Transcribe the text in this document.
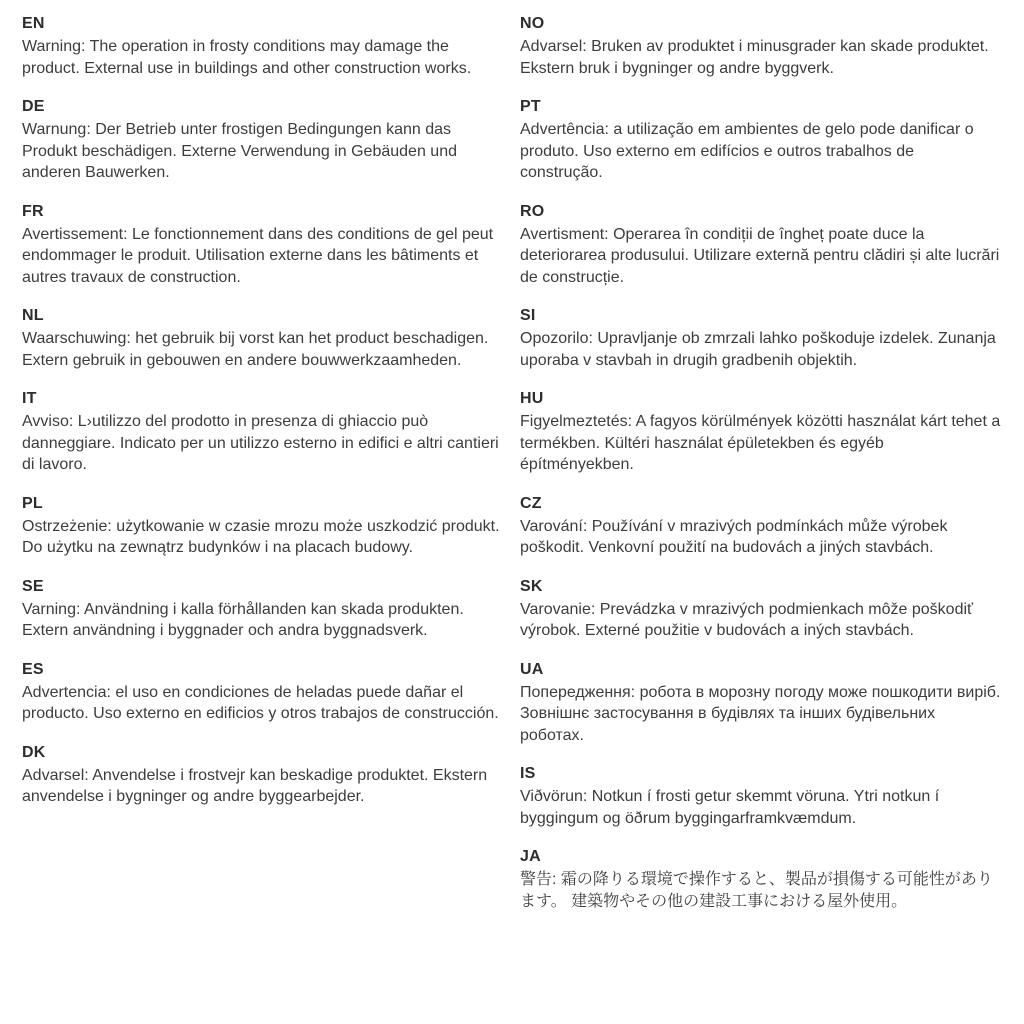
EN

Warning: The operation in frosty conditions may damage the product. External use in buildings and other construction works.

DE

Warnung: Der Betrieb unter frostigen Bedingungen kann das Produkt beschädigen. Externe Verwendung in Gebäuden und anderen Bauwerken.

FR

Avertissement: Le fonctionnement dans des conditions de gel peut endommager le produit. Utilisation externe dans les bâtiments et autres travaux de construction.

NL

Waarschuwing: het gebruik bij vorst kan het product beschadigen. Extern gebruik in gebouwen en andere bouwwerkzaamheden.

IT

Avviso: L›utilizzo del prodotto in presenza di ghiaccio può danneggiare. Indicato per un utilizzo esterno in edifici e altri cantieri di lavoro.

PL

Ostrzeżenie: użytkowanie w czasie mrozu może uszkodzić produkt. Do użytku na zewnątrz budynków i na placach budowy.

SE

Varning: Användning i kalla förhållanden kan skada produkten. Extern användning i byggnader och andra byggnadsverk.

ES

Advertencia: el uso en condiciones de heladas puede dañar el producto. Uso externo en edificios y otros trabajos de construcción.

DK

Advarsel: Anvendelse i frostvejr kan beskadige produktet. Ekstern anvendelse i bygninger og andre byggearbejder.

NO

Advarsel: Bruken av produktet i minusgrader kan skade produktet. Ekstern bruk i bygninger og andre byggverk.

PT

Advertência: a utilização em ambientes de gelo pode danificar o produto. Uso externo em edifícios e outros trabalhos de construção.

RO

Avertisment: Operarea în condiții de îngheț poate duce la deteriorarea produsului. Utilizare externă pentru clădiri și alte lucrări de construcție.

SI

Opozorilo: Upravljanje ob zmrzali lahko poškoduje izdelek. Zunanja uporaba v stavbah in drugih gradbenih objektih.

HU

Figyelmeztetés: A fagyos körülmények közötti használat kárt tehet a termékben. Kültéri használat épületekben és egyéb építményekben.

CZ

Varování: Používání v mrazivých podmínkách může výrobek poškodit. Venkovní použití na budovách a jiných stavbách.

SK

Varovanie: Prevádzka v mrazivých podmienkach môže poškodiť výrobok. Externé použitie v budovách a iných stavbách.

UA

Попередження: робота в морозну погоду може пошкодити виріб. Зовнішнє застосування в будівлях та інших будівельних роботах.

IS

Viðvörun: Notkun í frosti getur skemmt vöruna. Ytri notkun í byggingum og öðrum byggingarframkvæmdum.

JA

警告: 霜の降りる環境で操作すると、製品が損傷する可能性があります。 建築物やその他の建設工事における屋外使用。
